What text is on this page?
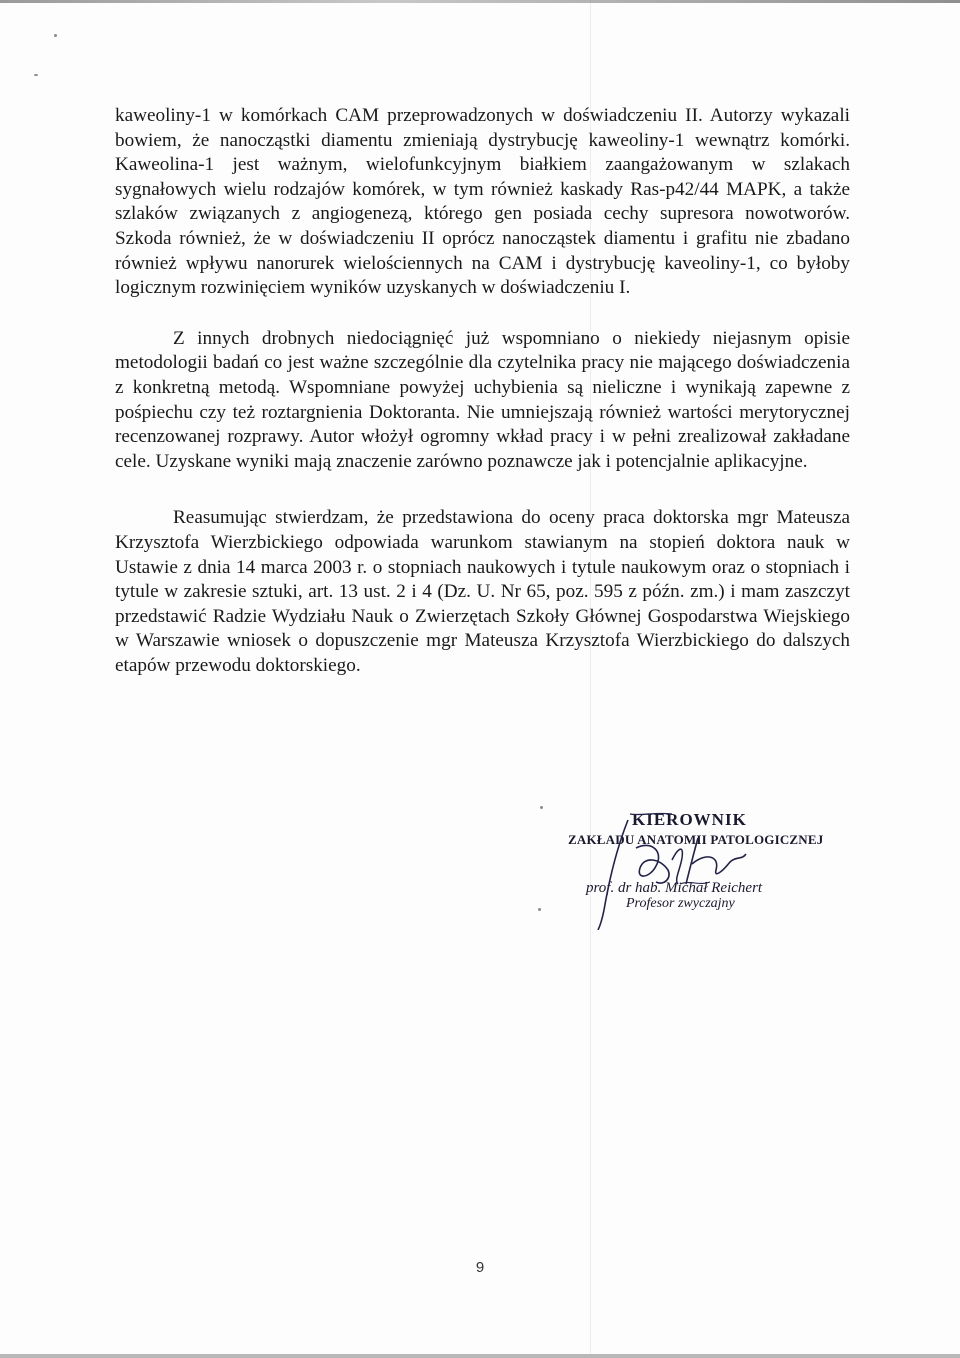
kaweoliny-1 w komórkach CAM przeprowadzonych w doświadczeniu II. Autorzy wykazali bowiem, że nanocząstki diamentu zmieniają dystrybucję kaweoliny-1 wewnątrz komórki. Kaweolina-1 jest ważnym, wielofunkcyjnym białkiem zaangażowanym w szlakach sygnałowych wielu rodzajów komórek, w tym również kaskady Ras-p42/44 MAPK, a także szlaków związanych z angiogenezą, którego gen posiada cechy supresora nowotworów. Szkoda również, że w doświadczeniu II oprócz nanocząstek diamentu i grafitu nie zbadano również wpływu nanorurek wielościennych na CAM i dystrybucję kaveoliny-1, co byłoby logicznym rozwinięciem wyników uzyskanych w doświadczeniu I.

Z innych drobnych niedociągnięć już wspomniano o niekiedy niejasnym opisie metodologii badań co jest ważne szczególnie dla czytelnika pracy nie mającego doświadczenia z konkretną metodą. Wspomniane powyżej uchybienia są nieliczne i wynikają zapewne z pośpiechu czy też roztargnienia Doktoranta. Nie umniejszają również wartości merytorycznej recenzowanej rozprawy. Autor włożył ogromny wkład pracy i w pełni zrealizował zakładane cele. Uzyskane wyniki mają znaczenie zarówno poznawcze jak i potencjalnie aplikacyjne.

Reasumując stwierdzam, że przedstawiona do oceny praca doktorska mgr Mateusza Krzysztofa Wierzbickiego odpowiada warunkom stawianym na stopień doktora nauk w Ustawie z dnia 14 marca 2003 r. o stopniach naukowych i tytule naukowym oraz o stopniach i tytule w zakresie sztuki, art. 13 ust. 2 i 4 (Dz. U. Nr 65, poz. 595 z późn. zm.) i mam zaszczyt przedstawić Radzie Wydziału Nauk o Zwierzętach Szkoły Głównej Gospodarstwa Wiejskiego w Warszawie wniosek o dopuszczenie mgr Mateusza Krzysztofa Wierzbickiego do dalszych etapów przewodu doktorskiego.

KIEROWNIK
ZAKŁADU ANATOMII PATOLOGICZNEJ
prof. dr hab. Michał Reichert
Profesor zwyczajny
9
